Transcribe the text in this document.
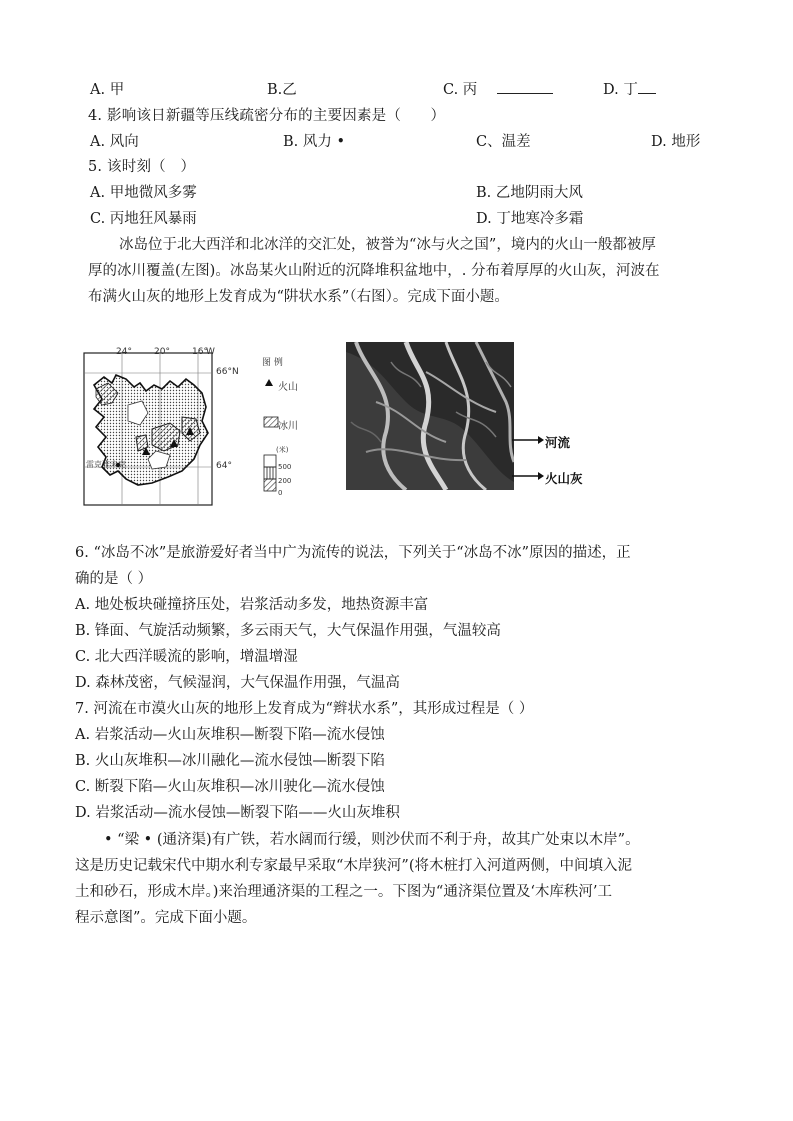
A. 甲	B.乙	C. 丙	D. 丁
4. 影响该日新疆等压线疏密分布的主要因素是（　　）
A. 风向	B. 风力 •	C、温差	D. 地形
5. 该时刻（　）
A. 甲地微风多雾	B. 乙地阴雨大风
C. 丙地狂风暴雨	D. 丁地寒冷多霜
冰岛位于北大西洋和北冰洋的交汇处，被誉为“冰与火之国”，境内的火山一般都被厚
厚的冰川覆盖(左图)。冰岛某火山附近的沉降堆积盆地中，. 分布着厚厚的火山灰，河波在
布满火山灰的地形上发育成为“阱状水系”（右图）。完成下面小题。
24° 20° 16°
W
66°N
64°
雷克雅未克
图 例
火山
冰川
(米)
500
200
0
河流
火山灰
6. “冰岛不冰”是旅游爱好者当中广为流传的说法，下列关于“冰岛不冰”原因的描述，正
确的是（ ）
A. 地处板块碰撞挤压处，岩浆活动多发，地热资源丰富
B. 锋面、气旋活动频繁，多云雨天气，大气保温作用强，气温较高
C. 北大西洋暖流的影响，增温增湿
D. 森林茂密，气候湿润，大气保温作用强，气温高
7. 河流在市漠火山灰的地形上发育成为“辫状水系”，其形成过程是（ ）
A. 岩浆活动—火山灰堆积—断裂下陷—流水侵蚀
B. 火山灰堆积—冰川融化—流水侵蚀—断裂下陷
C. 断裂下陷—火山灰堆积—冰川驶化—流水侵蚀
D. 岩浆活动—流水侵蚀—断裂下陷——火山灰堆积
• “梁 • (通济渠)有广铁，若水阔而行缓，则沙伏而不利于舟，故其广处束以木岸”。
这是历史记载宋代中期水利专家最早采取“木岸狭河”(将木桩打入河道两侧，中间填入泥
土和砂石，形成木岸。)来治理通济渠的工程之一。下图为“通济渠位置及‘木库秩河’工
程示意图”。完成下面小题。
